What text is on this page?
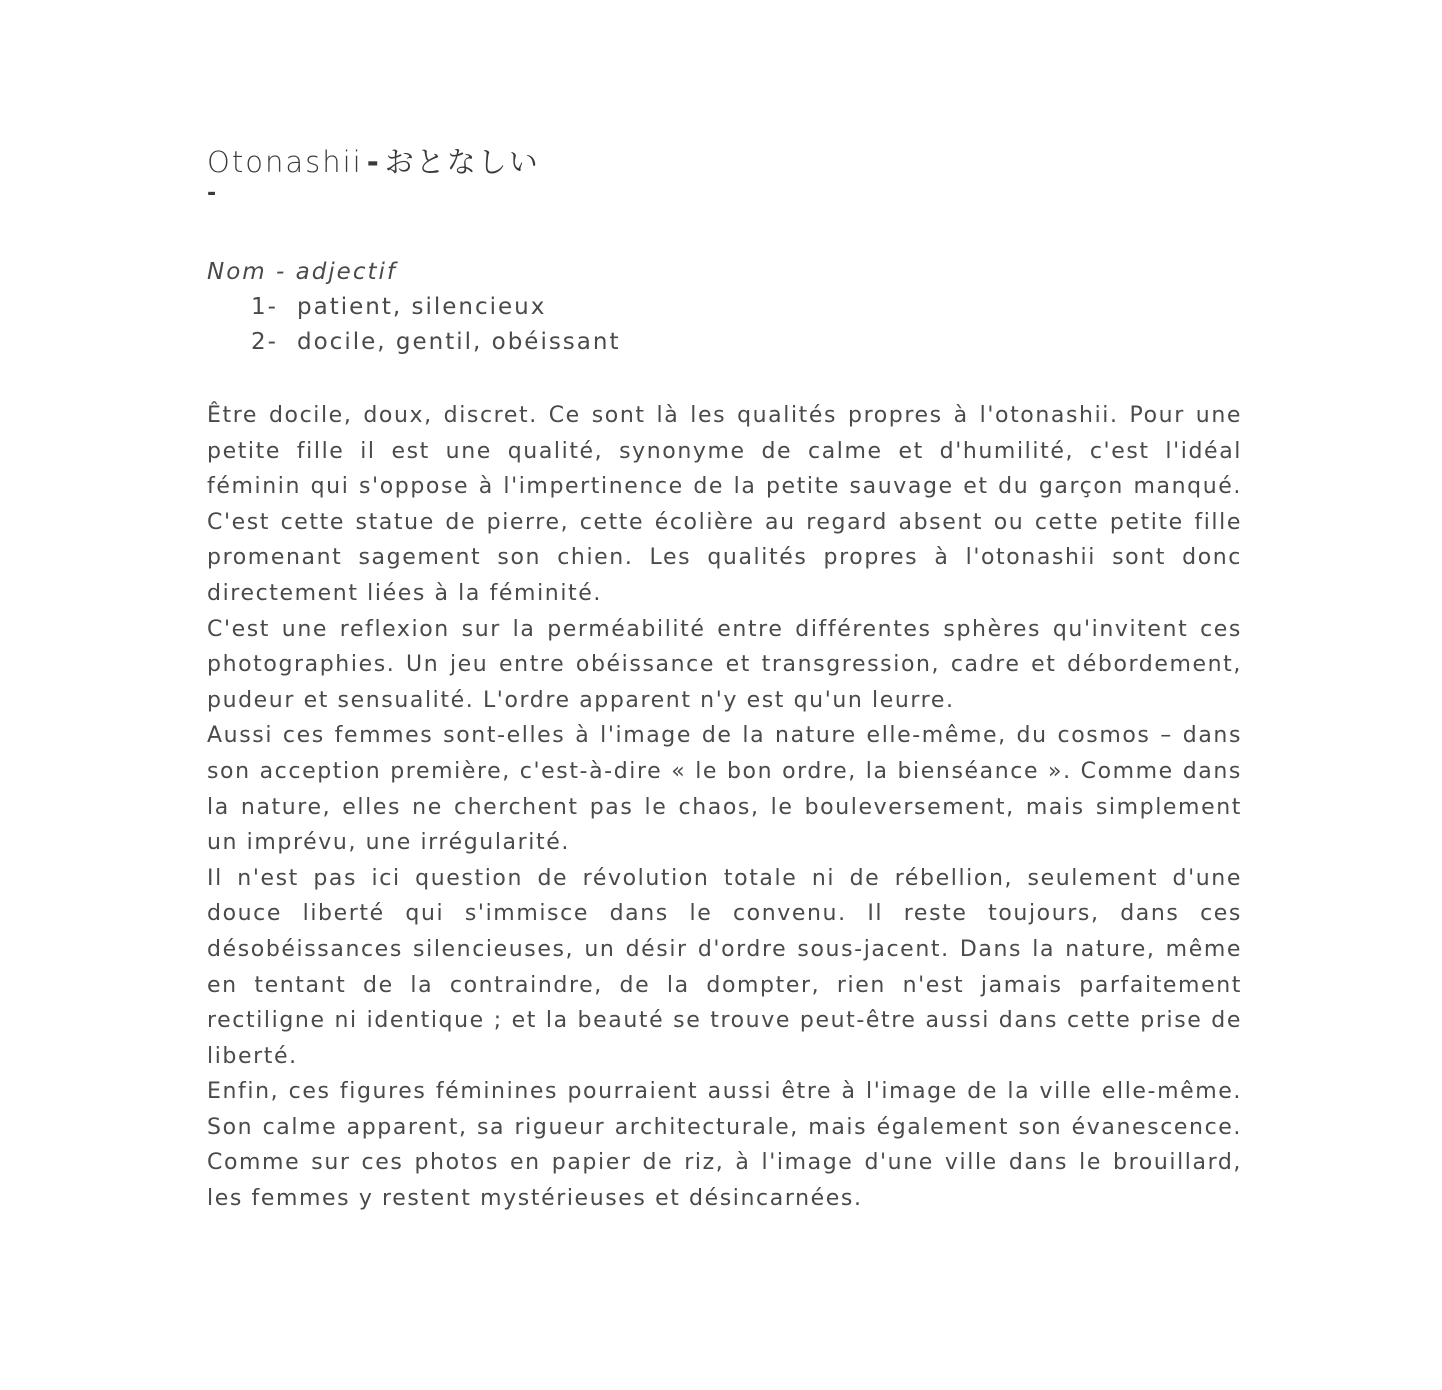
Otonashii - おとなしい
-

Nom - adjectif

1- patient, silencieux
2- docile, gentil, obéissant

Être docile, doux, discret. Ce sont là les qualités propres à l'otonashii. Pour une petite fille il est une qualité, synonyme de calme et d'humilité, c'est l'idéal féminin qui s'oppose à l'impertinence de la petite sauvage et du garçon manqué. C'est cette statue de pierre, cette écolière au regard absent ou cette petite fille promenant sagement son chien. Les qualités propres à l'otonashii sont donc directement liées à la féminité.

C'est une reflexion sur la perméabilité entre différentes sphères qu'invitent ces photographies. Un jeu entre obéissance et transgression, cadre et débordement, pudeur et sensualité. L'ordre apparent n'y est qu'un leurre.

Aussi ces femmes sont-elles à l'image de la nature elle-même, du cosmos – dans son acception première, c'est-à-dire « le bon ordre, la bienséance ». Comme dans la nature, elles ne cherchent pas le chaos, le bouleversement, mais simplement un imprévu, une irrégularité.

Il n'est pas ici question de révolution totale ni de rébellion, seulement d'une douce liberté qui s'immisce dans le convenu. Il reste toujours, dans ces désobéissances silencieuses, un désir d'ordre sous-jacent. Dans la nature, même en tentant de la contraindre, de la dompter, rien n'est jamais parfaitement rectiligne ni identique ; et la beauté se trouve peut-être aussi dans cette prise de liberté.

Enfin, ces figures féminines pourraient aussi être à l'image de la ville elle-même. Son calme apparent, sa rigueur architecturale, mais également son évanescence. Comme sur ces photos en papier de riz, à l'image d'une ville dans le brouillard, les femmes y restent mystérieuses et désincarnées.
